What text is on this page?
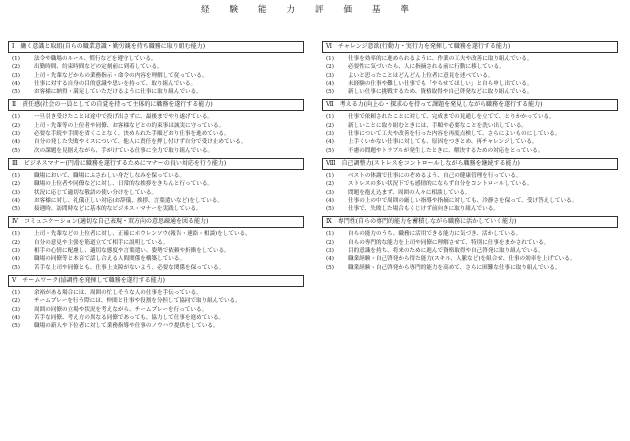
経験能力評価基準
Ⅰ　働く意識と取組(自らの職業意識・勤労観を持ち職務に取り組む能力)
(1)	法令や職場のルール、慣行などを遵守している。
(2)	出勤時間、約束時間などの定刻前に到着している。
(3)	上司・先輩などからの業務指示・命令の内容を理解して従っている。
(4)	仕事に対する自身の目的意識や思いを持って、取り組んでいる。
(5)	お客様に納得・満足していただけるように仕事に取り組んでいる。
Ⅱ　責任感(社会の一員としての自覚を持って主体的に職務を遂行する能力)
(1)	一旦引き受けたことは途中で投げ出さずに、最後までやり遂げている。
(2)	上司・先輩等の上位者や同僚、お客様などとの約束事は誠実に守っている。
(3)	必要な手続や手間を省くことなく、決められた手順どおり仕事を進めている。
(4)	自分の発した失敗やミスについて、他人に責任を押し付けず自分で受け止めている。
(5)	次の課題を見据えながら、手がけている仕事に全力で取り組んでいる。
Ⅲ　ビジネスマナー(円滑に職務を遂行するためにマナーの良い対応を行う能力)
(1)	職場において、職場にふさわしい身だしなみを保っている。
(2)	職場の上位者や同僚などに対し、日常的な挨拶をきちんと行っている。
(3)	状況に応じて適切な敬語の使い分けをしている。
(4)	お客様に対し、礼儀正しい対応(お辞儀、挨拶、言葉遣いなど)をしている。
(5)	接遇時、訪問時などに基本的なビジネス・マナーを実践している。
Ⅳ　コミュニケーション(適切な自己表現・双方向の意思疎通を図る能力)
(1)	上司・先輩などの上位者に対し、正確にホウレンソウ(報告・連絡・相談)をしている。
(2)	自分の意見や主張を筋道立てて相手に説明している。
(3)	相手の心情に配慮し、適切な態度や言葉遣い、姿勢で依頼や折衝をしている。
(4)	職場の同僚等と本音で話し合える人間関係を構築している。
(5)	苦手な上司や同僚とも、仕事上支障がないよう、必要な関係を保っている。
Ⅴ　チームワーク(協調性を発揮して職務を遂行する能力)
(1)	余裕がある場合には、周囲の忙しそうな人の仕事を手伝っている。
(2)	チームプレーを行う際には、仲間と仕事や役割を分担して協同で取り組んでいる。
(3)	周囲の同僚の立場や状況を考えながら、チームプレーを行っている。
(4)	苦手な同僚、考え方の異なる同僚であっても、協力して仕事を進めている。
(5)	職場の新人や下位者に対して業務指導や仕事のノウハウ提供をしている。
Ⅵ　チャレンジ意欲(行動力・実行力を発揮して職務を遂行する能力)
(1)	仕事を効率的に進められるように、作業の工夫や改善に取り組んでいる。
(2)	必要性に気づいたら、人に指摘される前に行動に移している。
(3)	よいと思ったことはどんどん上位者に意見を述べている。
(4)	未経験の仕事や難しい仕事でも「やらせてほしい」と自ら申し出ている。
(5)	新しい仕事に挑戦するため、資格取得や自己啓発などに取り組んでいる。
Ⅶ　考える力(向上心・探求心を持って課題を発見しながら職務を遂行する能力)
(1)	仕事で依頼されたことに対して、完成までの見通しを立てて、とりかかっている。
(2)	新しいことに取り組むときには、手順や必要なことを洗い出している。
(3)	仕事について工夫や改善を行った内容を再度点検して、さらによいものにしている。
(4)	上手くいかない仕事に対しても、原因をつきとめ、再チャレンジしている。
(5)	不慮の問題やトラブルが発生したときに、解決するための対応をとっている。
Ⅷ　自己調整力(ストレスをコントロールしながら職務を継続する能力)
(1)	ベストの体調で仕事にのぞめるよう、自己の健康管理を行っている。
(2)	ストレスの多い状況下でも感情的にならず自分をコントロールしている。
(3)	問題を抱え込まず、周囲の人々に相談している。
(4)	仕事の上の中で周囲の厳しい指導や指摘に対しても、冷静さを保って、受け答えしている。
(5)	仕事で、失敗した場合もくじけず前向きに取り組んでいる。
Ⅸ　専門性(自らの専門的能力を蓄積しながら職務に活かしていく能力)
(1)	自らの能力のうち、職務に活用できる能力に気づき、活かしている。
(2)	自らの専門的な能力を上司や同僚に理解させて、特別に仕事をまかされている。
(3)	目的意識を持ち、将来のために進んで資格取得や自己啓発に取り組んでいる。
(4)	職業経験・自己啓発から得た能力(スキル、人脈など)を組合せ、仕事の効率を上げている。
(5)	職業経験・自己啓発から専門的能力を高めて、さらに困難な仕事に取り組んでいる。
